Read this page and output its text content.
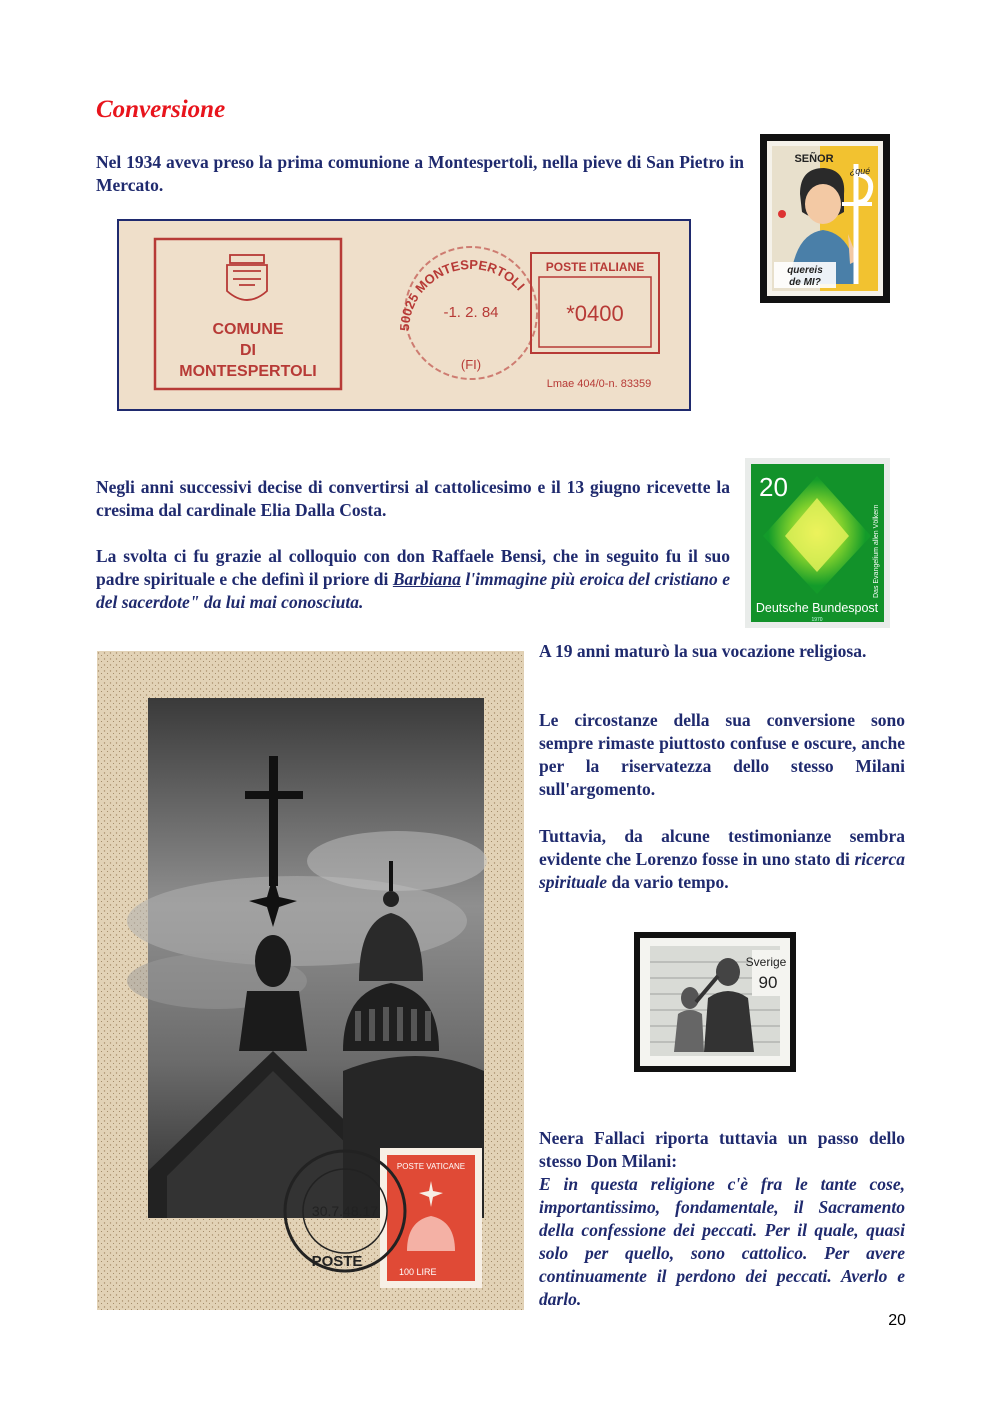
Conversione

Nel 1934 aveva preso la prima comunione a Montespertoli, nella pieve di San Pietro in Mercato.

COMUNE
DI
MONTESPERTOLI
50025 MONTESPERTOLI
-1. 2. 84
(FI)
POSTE ITALIANE
*0400
Lmae 404/0-n. 83359
SEÑOR
¿qué
quereis
de MI?

Negli anni successivi decise di convertirsi al cattolicesimo e il 13 giugno ricevette la cresima dal cardinale Elia Dalla Costa.

La svolta ci fu grazie al colloquio con don Raffaele Bensi, che in seguito fu il suo padre spirituale e che definì il priore di Barbiana l'immagine più eroica del cristiano e del sacerdote" da lui mai conosciuta.

20
Deutsche Bundespost
Das Evangelium allen Völkern
1970
POSTE VATICANE
100 LIRE
30.7.48.17
POSTE

A 19 anni maturò la sua vocazione religiosa.

Le circostanze della sua conversione sono sempre rimaste piuttosto confuse e oscure, anche per la riservatezza dello stesso Milani sull'argomento.

Tuttavia, da alcune testimonianze sembra evidente che Lorenzo fosse in uno stato di ricerca spirituale da vario tempo.

Sverige
90

Neera Fallaci riporta tuttavia un passo dello stesso Don Milani:

E in questa religione c'è fra le tante cose, importantissimo, fondamentale, il Sacramento della confessione dei peccati. Per il quale, quasi solo per quello, sono cattolico. Per avere continuamente il perdono dei peccati. Averlo e darlo.

20
